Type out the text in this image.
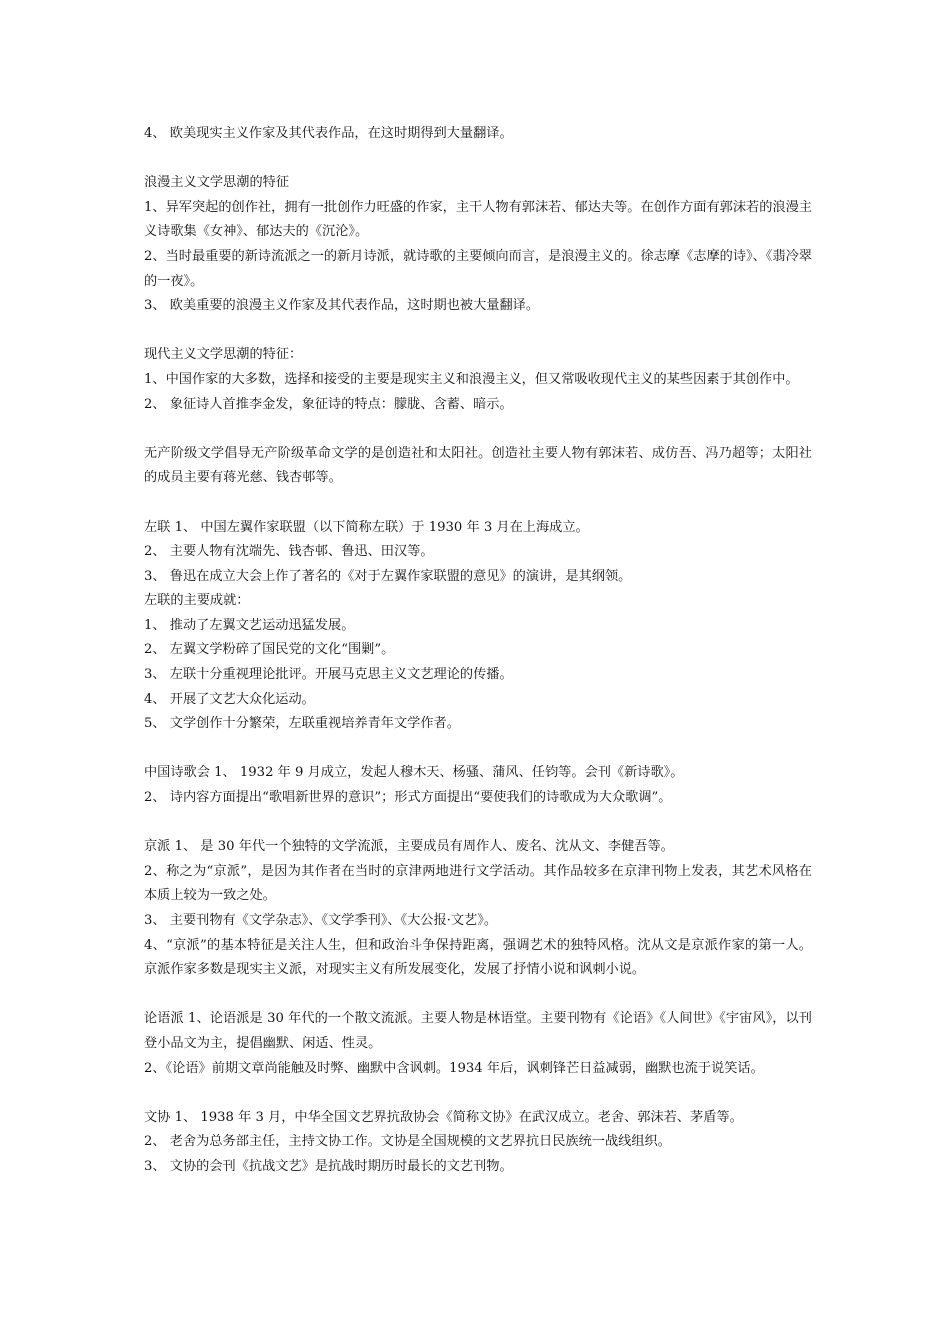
4、 欧美现实主义作家及其代表作品，在这时期得到大量翻译。
浪漫主义文学思潮的特征
1、异军突起的创作社，拥有一批创作力旺盛的作家，主干人物有郭沫若、郁达夫等。在创作方面有郭沫若的浪漫主义诗歌集《女神》、郁达夫的《沉沦》。
2、当时最重要的新诗流派之一的新月诗派，就诗歌的主要倾向而言，是浪漫主义的。徐志摩《志摩的诗》、《翡冷翠的一夜》。
3、 欧美重要的浪漫主义作家及其代表作品，这时期也被大量翻译。
现代主义文学思潮的特征：
1、中国作家的大多数，选择和接受的主要是现实主义和浪漫主义，但又常吸收现代主义的某些因素于其创作中。
2、 象征诗人首推李金发，象征诗的特点：朦胧、含蓄、暗示。
无产阶级文学倡导无产阶级革命文学的是创造社和太阳社。创造社主要人物有郭沫若、成仿吾、冯乃超等；太阳社的成员主要有蒋光慈、钱杏邨等。
左联 1、 中国左翼作家联盟（以下简称左联）于 1930 年 3 月在上海成立。
2、 主要人物有沈端先、钱杏邨、鲁迅、田汉等。
3、 鲁迅在成立大会上作了著名的《对于左翼作家联盟的意见》的演讲，是其纲领。
左联的主要成就：
1、 推动了左翼文艺运动迅猛发展。
2、 左翼文学粉碎了国民党的文化“围剿”。
3、 左联十分重视理论批评。开展马克思主义文艺理论的传播。
4、 开展了文艺大众化运动。
5、 文学创作十分繁荣，左联重视培养青年文学作者。
中国诗歌会 1、 1932 年 9 月成立，发起人穆木天、杨骚、蒲风、任钧等。会刊《新诗歌》。
2、 诗内容方面提出“歌唱新世界的意识”；形式方面提出“要使我们的诗歌成为大众歌调”。
京派 1、 是 30 年代一个独特的文学流派，主要成员有周作人、废名、沈从文、李健吾等。
2、称之为“京派”，是因为其作者在当时的京津两地进行文学活动。其作品较多在京津刊物上发表，其艺术风格在本质上较为一致之处。
3、 主要刊物有《文学杂志》、《文学季刊》、《大公报·文艺》。
4、“京派”的基本特征是关注人生，但和政治斗争保持距离，强调艺术的独特风格。沈从文是京派作家的第一人。京派作家多数是现实主义派，对现实主义有所发展变化，发展了抒情小说和讽刺小说。
论语派 1、论语派是 30 年代的一个散文流派。主要人物是林语堂。主要刊物有《论语》《人间世》《宇宙风》，以刊登小品文为主，提倡幽默、闲适、性灵。
2、《论语》前期文章尚能触及时弊、幽默中含讽刺。1934 年后，讽刺锋芒日益减弱，幽默也流于说笑话。
文协 1、 1938 年 3 月，中华全国文艺界抗敌协会《简称文协》在武汉成立。老舍、郭沫若、茅盾等。
2、 老舍为总务部主任，主持文协工作。文协是全国规模的文艺界抗日民族统一战线组织。
3、 文协的会刊《抗战文艺》是抗战时期历时最长的文艺刊物。
